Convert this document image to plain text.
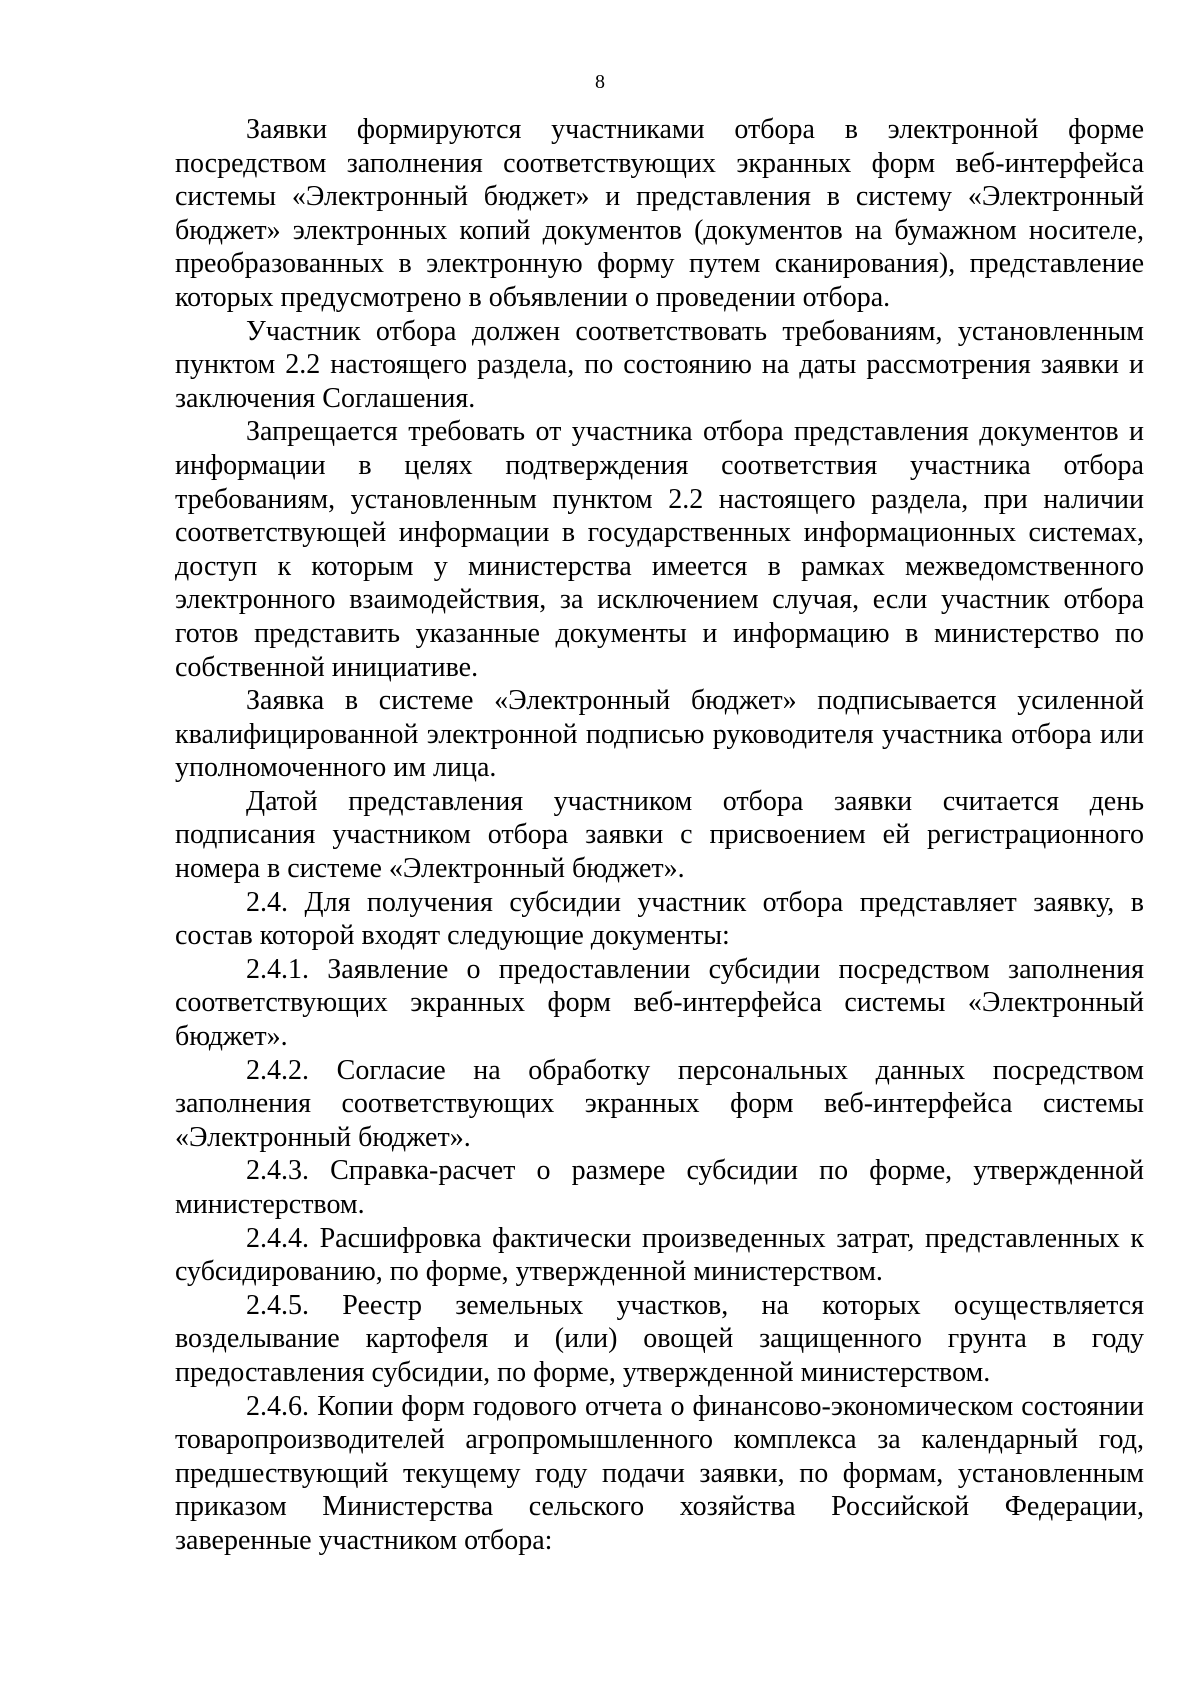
8

Заявки формируются участниками отбора в электронной форме посредством заполнения соответствующих экранных форм веб-интерфейса системы «Электронный бюджет» и представления в систему «Электронный бюджет» электронных копий документов (документов на бумажном носителе, преобразованных в электронную форму путем сканирования), представление которых предусмотрено в объявлении о проведении отбора.

Участник отбора должен соответствовать требованиям, установленным пунктом 2.2 настоящего раздела, по состоянию на даты рассмотрения заявки и заключения Соглашения.

Запрещается требовать от участника отбора представления документов и информации в целях подтверждения соответствия участника отбора требованиям, установленным пунктом 2.2 настоящего раздела, при наличии соответствующей информации в государственных информационных системах, доступ к которым у министерства имеется в рамках межведомственного электронного взаимодействия, за исключением случая, если участник отбора готов представить указанные документы и информацию в министерство по собственной инициативе.

Заявка в системе «Электронный бюджет» подписывается усиленной квалифицированной электронной подписью руководителя участника отбора или уполномоченного им лица.

Датой представления участником отбора заявки считается день подписания участником отбора заявки с присвоением ей регистрационного номера в системе «Электронный бюджет».

2.4. Для получения субсидии участник отбора представляет заявку, в состав которой входят следующие документы:

2.4.1. Заявление о предоставлении субсидии посредством заполнения соответствующих экранных форм веб-интерфейса системы «Электронный бюджет».

2.4.2. Согласие на обработку персональных данных посредством заполнения соответствующих экранных форм веб-интерфейса системы «Электронный бюджет».

2.4.3. Справка-расчет о размере субсидии по форме, утвержденной министерством.

2.4.4. Расшифровка фактически произведенных затрат, представленных к субсидированию, по форме, утвержденной министерством.

2.4.5. Реестр земельных участков, на которых осуществляется возделывание картофеля и (или) овощей защищенного грунта в году предоставления субсидии, по форме, утвержденной министерством.

2.4.6. Копии форм годового отчета о финансово-экономическом состоянии товаропроизводителей агропромышленного комплекса за календарный год, предшествующий текущему году подачи заявки, по формам, установленным приказом Министерства сельского хозяйства Российской Федерации, заверенные участником отбора:
